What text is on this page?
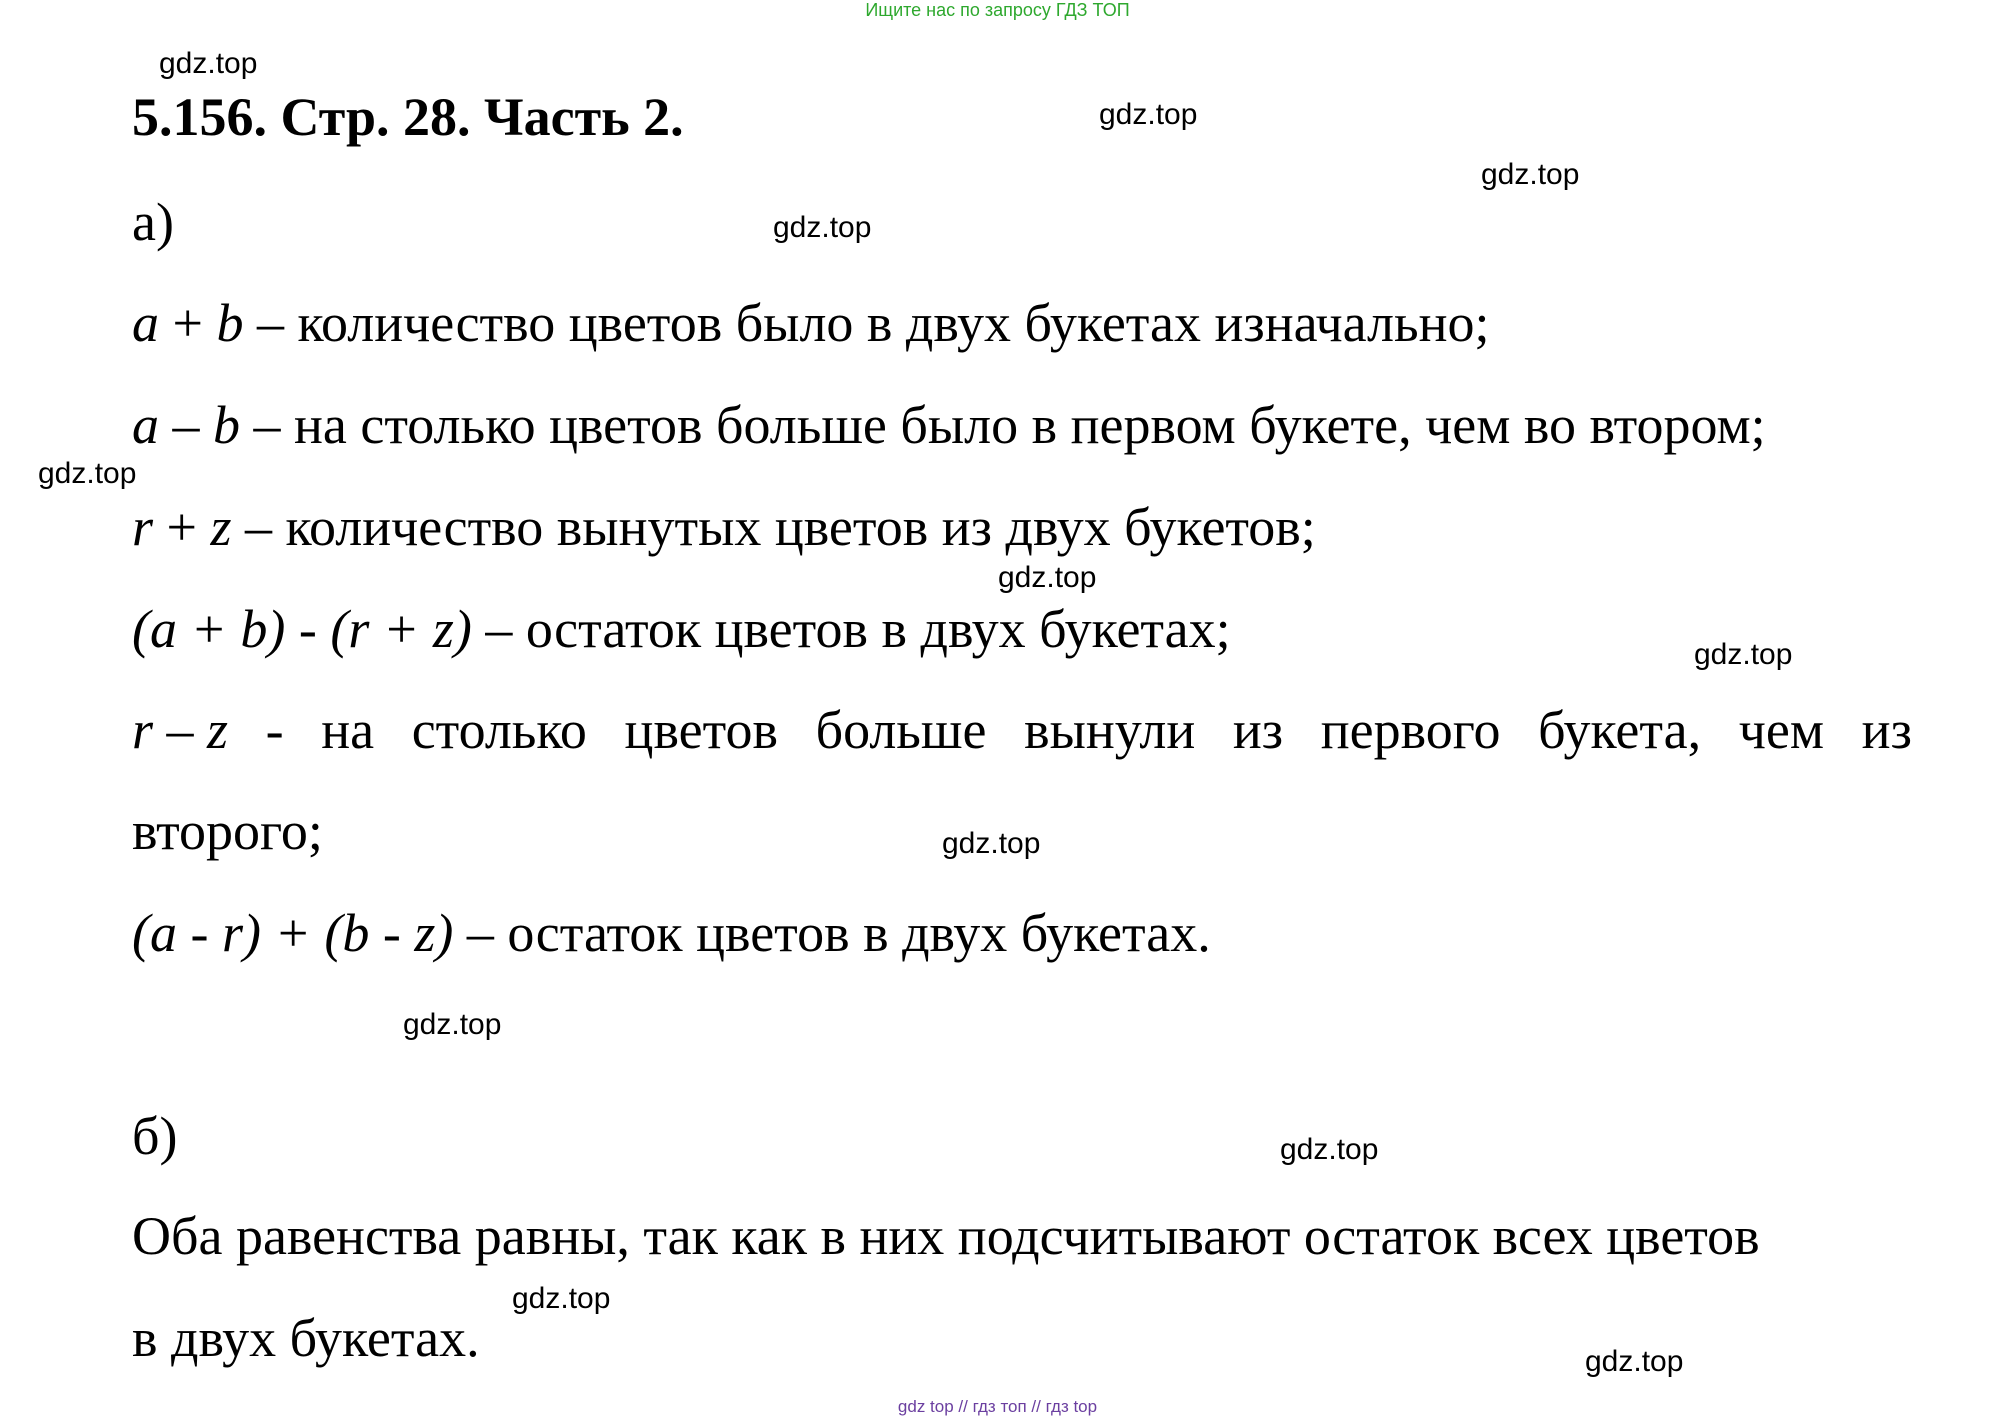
Ищите нас по запросу ГДЗ ТОП
5.156. Стр. 28. Часть 2.
а)
a + b – количество цветов было в двух букетах изначально;
a – b – на столько цветов больше было в первом букете, чем во втором;
r + z – количество вынутых цветов из двух букетов;
(a + b) - (r + z) – остаток цветов в двух букетах;
r – z - на столько цветов больше вынули из первого букета, чем из
второго;
(a - r) + (b - z) – остаток цветов в двух букетах.
б)
Оба равенства равны, так как в них подсчитывают остаток всех цветов
в двух букетах.
gdz.top
gdz.top
gdz.top
gdz.top
gdz.top
gdz.top
gdz.top
gdz.top
gdz.top
gdz.top
gdz.top
gdz.top
gdz top // гдз топ // гдз top
